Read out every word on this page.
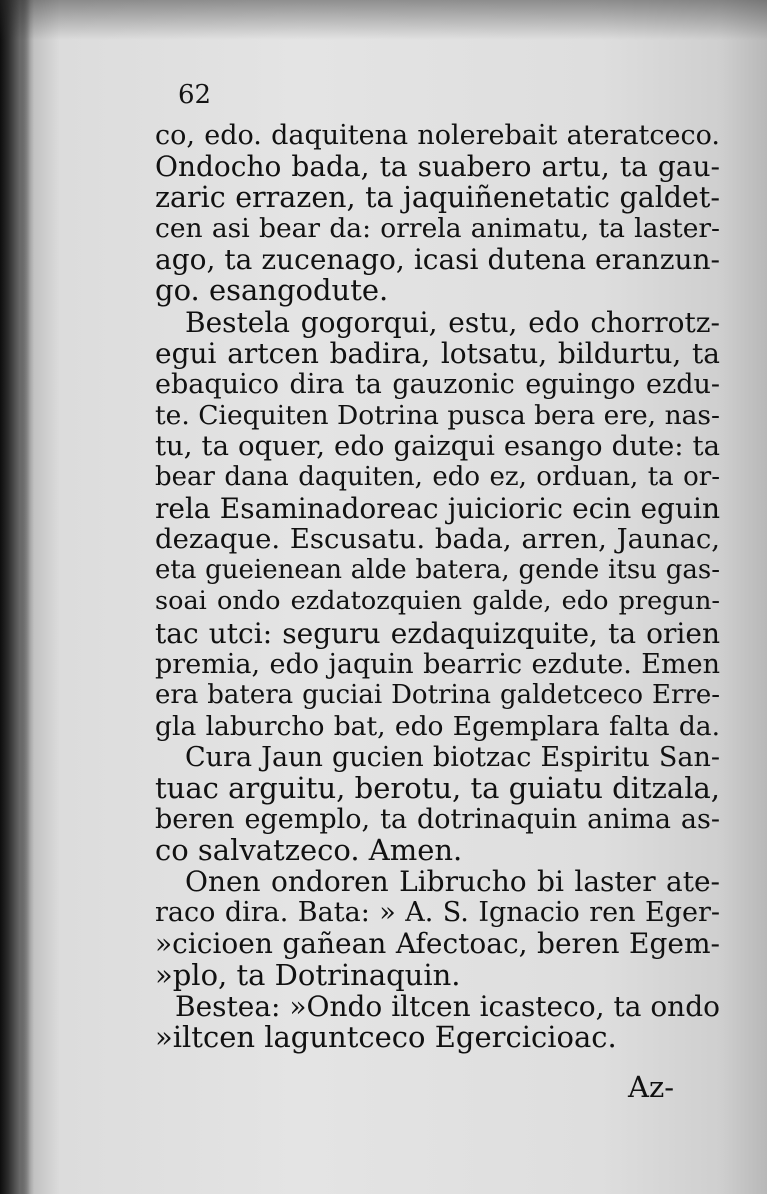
62
co, edo. daquitena nolerebait ateratceco.
Ondocho bada, ta suabero artu, ta gau-
zaric errazen, ta jaquiñenetatic galdet-
cen asi bear da: orrela animatu, ta laster-
ago, ta zucenago, icasi dutena eranzun-
go. esangodute.
Bestela gogorqui, estu, edo chorrotz-
egui artcen badira, lotsatu, bildurtu, ta
ebaquico dira ta gauzonic eguingo ezdu-
te. Ciequiten Dotrina pusca bera ere, nas-
tu, ta oquer, edo gaizqui esango dute: ta
bear dana daquiten, edo ez, orduan, ta or-
rela Esaminadoreac juicioric ecin eguin
dezaque. Escusatu. bada, arren, Jaunac,
eta gueienean alde batera, gende itsu gas-
soai ondo ezdatozquien galde, edo pregun-
tac utci: seguru ezdaquizquite, ta orien
premia, edo jaquin bearric ezdute. Emen
era batera guciai Dotrina galdetceco Erre-
gla laburcho bat, edo Egemplara falta da.
Cura Jaun gucien biotzac Espiritu San-
tuac arguitu, berotu, ta guiatu ditzala,
beren egemplo, ta dotrinaquin anima as-
co salvatzeco. Amen.
Onen ondoren Librucho bi laster ate-
raco dira. Bata: » A. S. Ignacio ren Eger-
»cicioen gañean Afectoac, beren Egem-
»plo, ta Dotrinaquin.
Bestea: »Ondo iltcen icasteco, ta ondo
»iltcen laguntceco Egercicioac.
Az-
